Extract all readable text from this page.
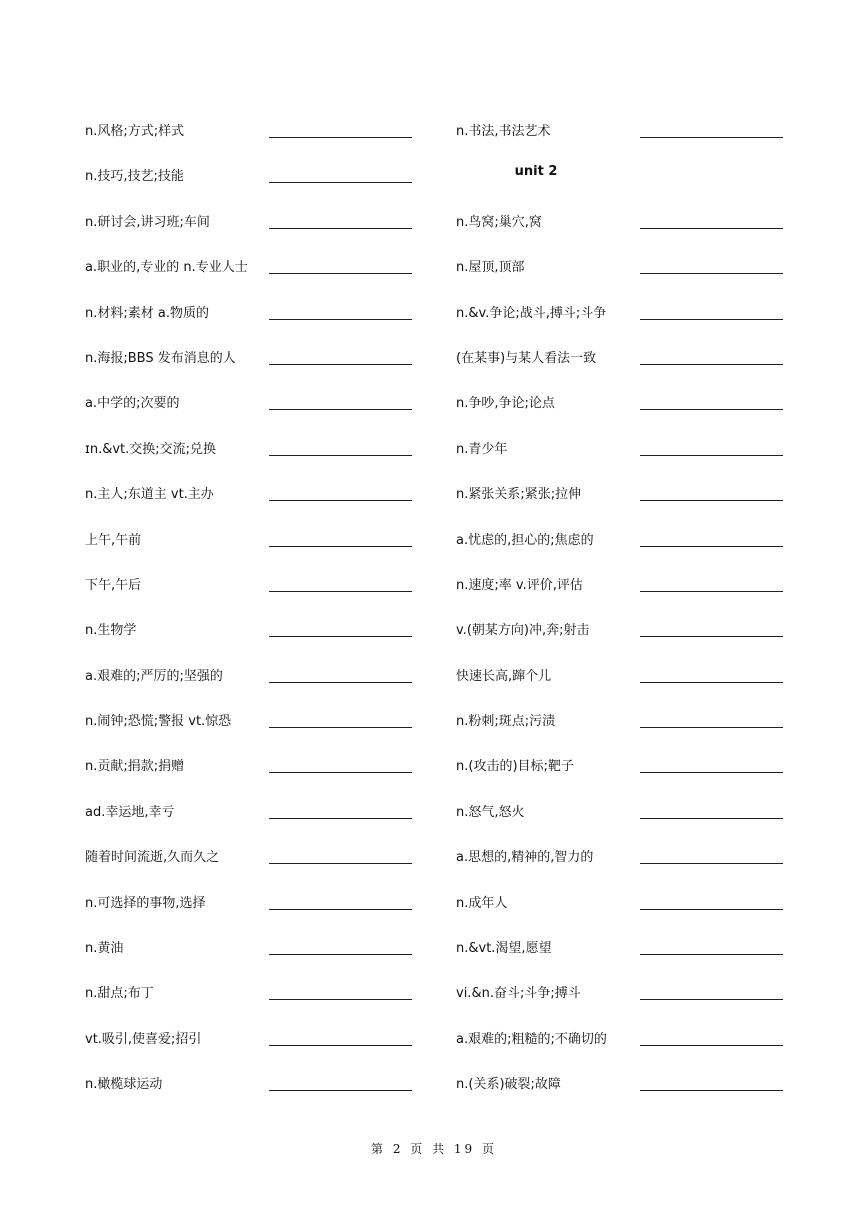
n.风格;方式;样式
n.技巧,技艺;技能
n.研讨会,讲习班;车间
a.职业的,专业的 n.专业人士
n.材料;素材 a.物质的
n.海报;BBS 发布消息的人
a.中学的;次要的
ɪn.&vt.交换;交流;兑换
n.主人;东道主 vt.主办
上午,午前
下午,午后
n.生物学
a.艰难的;严厉的;坚强的
n.闹钟;恐慌;警报 vt.惊恐
n.贡献;捐款;捐赠
ad.幸运地,幸亏
随着时间流逝,久而久之
n.可选择的事物,选择
n.黄油
n.甜点;布丁
vt.吸引,使喜爱;招引
n.橄榄球运动
n.书法,书法艺术
unit 2
n.鸟窝;巢穴,窝
n.屋顶,顶部
n.&v.争论;战斗,搏斗;斗争
(在某事)与某人看法一致
n.争吵,争论;论点
n.青少年
n.紧张关系;紧张;拉伸
a.忧虑的,担心的;焦虑的
n.速度;率 v.评价,评估
v.(朝某方向)冲,奔;射击
快速长高,蹿个儿
n.粉刺;斑点;污渍
n.(攻击的)目标;靶子
n.怒气,怒火
a.思想的,精神的,智力的
n.成年人
n.&vt.渴望,愿望
vi.&n.奋斗;斗争;搏斗
a.艰难的;粗糙的;不确切的
n.(关系)破裂;故障
第 2 页 共 19 页
